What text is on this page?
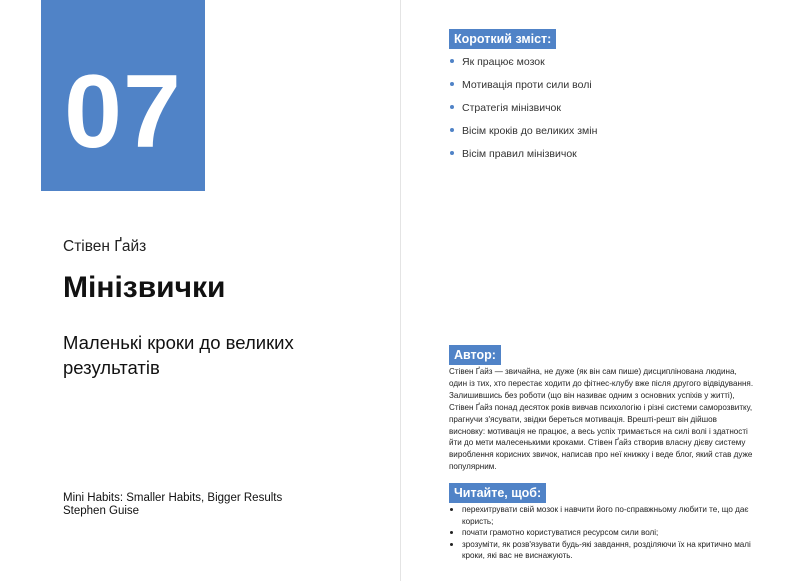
07
Стівен Ґайз
Мінізвички
Маленькі кроки до великих результатів
Mini Habits: Smaller Habits, Bigger Results
Stephen Guise
Короткий зміст:
Як працює мозок
Мотивація проти сили волі
Стратегія мінізвичок
Вісім кроків до великих змін
Вісім правил мінізвичок
Автор:

Стівен Ґайз — звичайна, не дуже (як він сам пише) дисциплінована людина, один із тих, хто перестає ходити до фітнес-клубу вже після другого відвідування. Залишившись без роботи (що він називає одним з основних успіхів у житті), Стівен Ґайз понад десяток років вивчав психологію і різні системи саморозвитку, прагнучи з'ясувати, звідки береться мотивація. Врешті-решт він дійшов висновку: мотивація не працює, а весь успіх тримається на силі волі і здатності йти до мети малесенькими кроками. Стівен Ґайз створив власну дієву систему вироблення корисних звичок, написав про неї книжку і веде блог, який став дуже популярним.

Читайте, щоб:
перехитрувати свій мозок і навчити його по-справжньому любити те, що дає користь;
почати грамотно користуватися ресурсом сили волі;
зрозуміти, як розв'язувати будь-які завдання, розділяючи їх на критично малі кроки, які вас не виснажують.
